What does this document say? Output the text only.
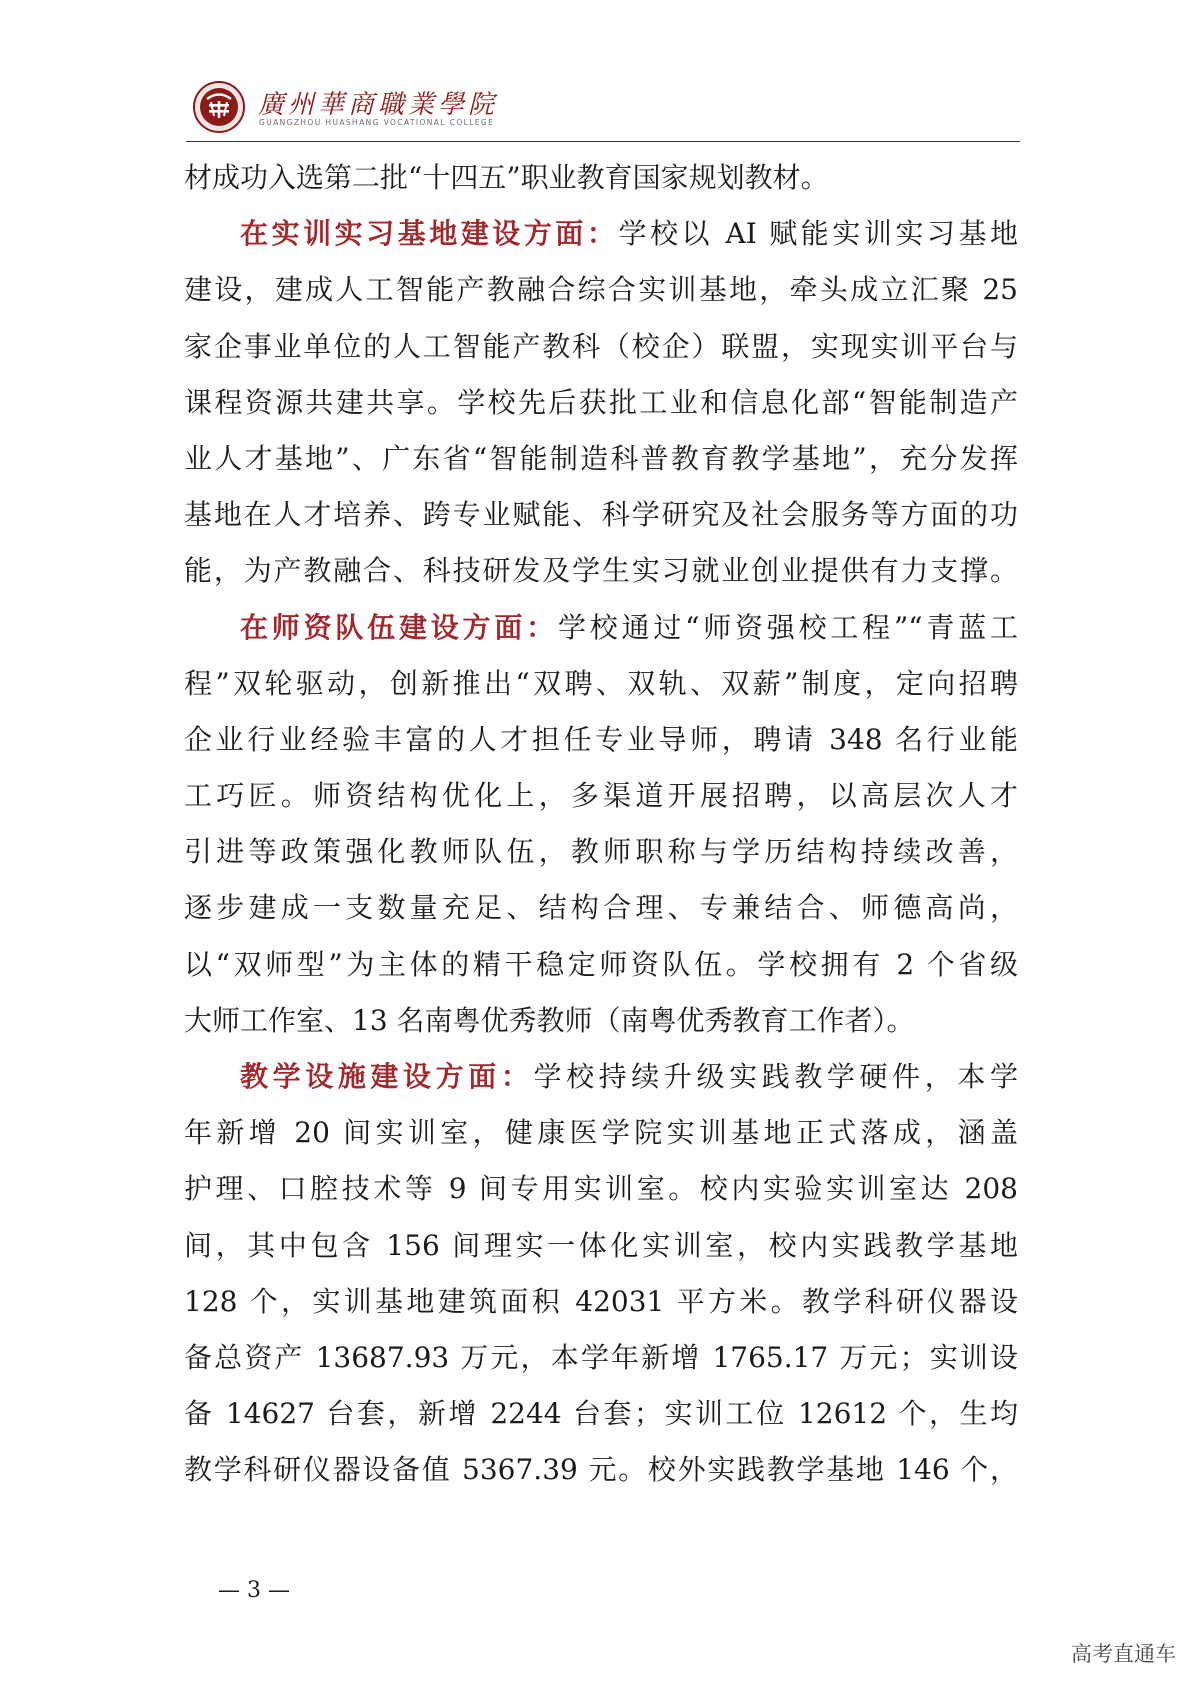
廣州華商職業學院
GUANGZHOU HUASHANG VOCATIONAL COLLEGE
材成功入选第二批“十四五”职业教育国家规划教材。
在实训实习基地建设方面：学校以 AI 赋能实训实习基地
建设，建成人工智能产教融合综合实训基地，牵头成立汇聚 25
家企事业单位的人工智能产教科（校企）联盟，实现实训平台与
课程资源共建共享。学校先后获批工业和信息化部“智能制造产
业人才基地”、广东省“智能制造科普教育教学基地”，充分发挥
基地在人才培养、跨专业赋能、科学研究及社会服务等方面的功
能，为产教融合、科技研发及学生实习就业创业提供有力支撑。
在师资队伍建设方面：学校通过“师资强校工程”“青蓝工
程”双轮驱动，创新推出“双聘、双轨、双薪”制度，定向招聘
企业行业经验丰富的人才担任专业导师，聘请 348 名行业能
工巧匠。师资结构优化上，多渠道开展招聘，以高层次人才
引进等政策强化教师队伍，教师职称与学历结构持续改善，
逐步建成一支数量充足、结构合理、专兼结合、师德高尚，
以“双师型”为主体的精干稳定师资队伍。学校拥有 2 个省级
大师工作室、13 名南粤优秀教师（南粤优秀教育工作者）。
教学设施建设方面：学校持续升级实践教学硬件，本学
年新增 20 间实训室，健康医学院实训基地正式落成，涵盖
护理、口腔技术等 9 间专用实训室。校内实验实训室达 208
间，其中包含 156 间理实一体化实训室，校内实践教学基地
128 个，实训基地建筑面积 42031 平方米。教学科研仪器设
备总资产 13687.93 万元，本学年新增 1765.17 万元；实训设
备 14627 台套，新增 2244 台套；实训工位 12612 个，生均
教学科研仪器设备值 5367.39 元。校外实践教学基地 146 个，
— 3 —
高考直通车
